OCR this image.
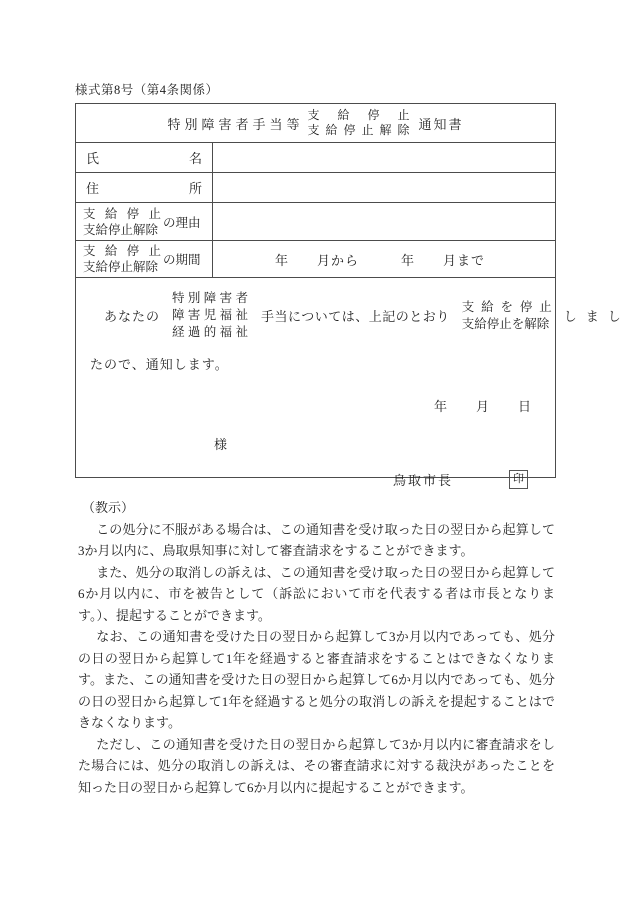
様式第8号（第4条関係）
特別障害者手当等
支給停止
支給停止解除 通知書
氏	名
住	所
支給停止
支給停止解除 の理由
支給停止
支給停止解除 の期間	年　　月から	年　　月まで
あなたの
特別障害者
障害児福祉
経過的福祉
手当については、上記のとおり
支給を停止
支給停止を解除 しまし
たので、通知します。
年　　月　　日
様
鳥取市長	印
（教示）

この処分に不服がある場合は、この通知書を受け取った日の翌日から起算して3か月以内に、鳥取県知事に対して審査請求をすることができます。

また、処分の取消しの訴えは、この通知書を受け取った日の翌日から起算して6か月以内に、市を被告として（訴訟において市を代表する者は市長となります。）、提起することができます。

なお、この通知書を受けた日の翌日から起算して3か月以内であっても、処分の日の翌日から起算して1年を経過すると審査請求をすることはできなくなります。また、この通知書を受けた日の翌日から起算して6か月以内であっても、処分の日の翌日から起算して1年を経過すると処分の取消しの訴えを提起することはできなくなります。

ただし、この通知書を受けた日の翌日から起算して3か月以内に審査請求をした場合には、処分の取消しの訴えは、その審査請求に対する裁決があったことを知った日の翌日から起算して6か月以内に提起することができます。
